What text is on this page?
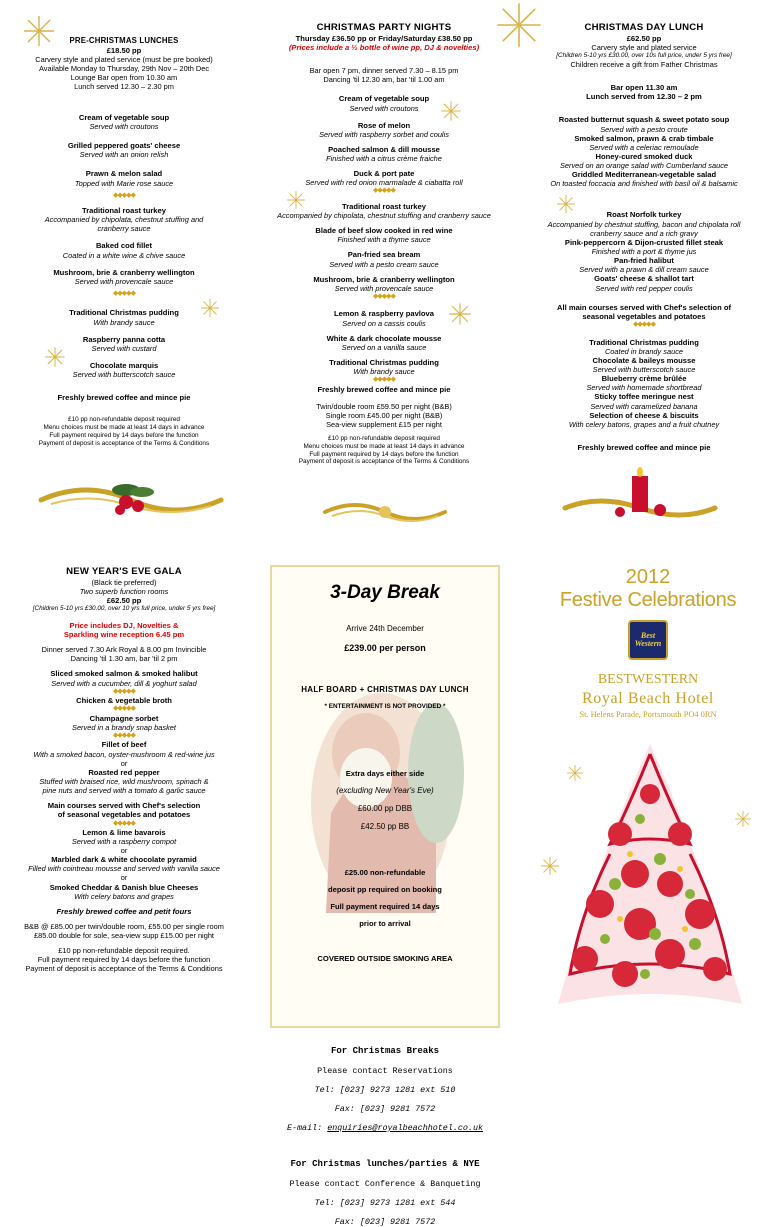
PRE-CHRISTMAS LUNCHES

£18.50 pp

Carvery style and plated service (must be pre booked)

Available Monday to Thursday, 29th Nov – 20th Dec

Lounge Bar open from 10.30 am

Lunch served 12.30 – 2.30 pm

Cream of vegetable soup

Served with croutons

Grilled peppered goats' cheese

Served with an onion relish

Prawn & melon salad

Topped with Marie rose sauce

◆◆◆◆◆

Traditional roast turkey

Accompanied by chipolata, chestnut stuffing and cranberry sauce

Baked cod fillet

Coated in a white wine & chive sauce

Mushroom, brie & cranberry wellington

Served with provencale sauce

◆◆◆◆◆

Traditional Christmas pudding

With brandy sauce

Raspberry panna cotta

Served with custard

Chocolate marquis

Served with butterscotch sauce

Freshly brewed coffee and mince pie

£10 pp non-refundable deposit required

Menu choices must be made at least 14 days in advance

Full payment required by 14 days before the function

Payment of deposit is acceptance of the Terms & Conditions

CHRISTMAS PARTY NIGHTS

Thursday £36.50 pp or Friday/Saturday £38.50 pp

(Prices include a ½ bottle of wine pp, DJ & novelties)

Bar open 7 pm, dinner served 7.30 – 8.15 pm

Dancing 'til 12.30 am, bar 'til 1.00 am

Cream of vegetable soup

Served with croutons

Rose of melon

Served with raspberry sorbet and coulis

Poached salmon & dill mousse

Finished with a citrus crème fraiche

Duck & port pate

Served with red onion marmalade & ciabatta roll

◆◆◆◆◆

Traditional roast turkey

Accompanied by chipolata, chestnut stuffing and cranberry sauce

Blade of beef slow cooked in red wine

Finished with a thyme sauce

Pan-fried sea bream

Served with a pesto cream sauce

Mushroom, brie & cranberry wellington

Served with provencale sauce

◆◆◆◆◆

Lemon & raspberry pavlova

Served on a cassis coulis

White & dark chocolate mousse

Served on a vanilla sauce

Traditional Christmas pudding

With brandy sauce

◆◆◆◆◆

Freshly brewed coffee and mince pie

Twin/double room £59.50 per night (B&B)

Single room £45.00 per night (B&B)

Sea-view supplement £15 per night

£10 pp non-refundable deposit required

Menu choices must be made at least 14 days in advance

Full payment required by 14 days before the function

Payment of deposit is acceptance of the Terms & Conditions

CHRISTMAS DAY LUNCH

£62.50 pp

Carvery style and plated service

[Children 5-10 yrs £30.00, over 10s full price, under 5 yrs free]

Children receive a gift from Father Christmas

Bar open 11.30 am

Lunch served from 12.30 – 2 pm

Roasted butternut squash & sweet potato soup

Served with a pesto croute

Smoked salmon, prawn & crab timbale

Served with a celeriac remoulade

Honey-cured smoked duck

Served on an orange salad with Cumberland sauce

Griddled Mediterranean-vegetable salad

On toasted foccacia and finished with basil oil & balsamic

Roast Norfolk turkey

Accompanied by chestnut stuffing, bacon and chipolata roll cranberry sauce and a rich gravy

Pink-peppercorn & Dijon-crusted fillet steak

Finished with a port & thyme jus

Pan-fried halibut

Served with a prawn & dill cream sauce

Goats' cheese & shallot tart

Served with red pepper coulis

All main courses served with Chef's selection of seasonal vegetables and potatoes

◆◆◆◆◆

Traditional Christmas pudding

Coated in brandy sauce

Chocolate & baileys mousse

Served with butterscotch sauce

Blueberry crème brûlée

Served with homemade shortbread

Sticky toffee meringue nest

Served with caramelized banana

Selection of cheese & biscuits

With celery batons, grapes and a fruit chutney

Freshly brewed coffee and mince pie

NEW YEAR'S EVE GALA

(Black tie preferred)

Two superb function rooms

£62.50 pp

[Children 5-10 yrs £30.00, over 10 yrs full price, under 5 yrs free]

Price includes DJ, Novelties &

Sparkling wine reception 6.45 pm

Dinner served 7.30 Ark Royal & 8.00 pm Invincible

Dancing 'til 1.30 am, bar 'til 2 pm

Sliced smoked salmon & smoked halibut

Served with a cucumber, dill & yoghurt salad

◆◆◆◆◆

Chicken & vegetable broth

◆◆◆◆◆

Champagne sorbet

Served in a brandy snap basket

◆◆◆◆◆

Fillet of beef

With a smoked bacon, oyster-mushroom & red-wine jus

or

Roasted red pepper

Stuffed with braised rice, wild mushroom, spinach &

pine nuts and served with a tomato & garlic sauce

Main courses served with Chef's selection

of seasonal vegetables and potatoes

◆◆◆◆◆

Lemon & lime bavarois

Served with a raspberry compot

or

Marbled dark & white chocolate pyramid

Filled with cointreau mousse and served with vanilla sauce

or

Smoked Cheddar & Danish blue Cheeses

With celery batons and grapes

Freshly brewed coffee and petit fours

B&B @ £85.00 per twin/double room, £55.00 per single room

£85.00 double for sole, sea-view supp £15.00 per night

£10 pp non-refundable deposit required.

Full payment required by 14 days before the function

Payment of deposit is acceptance of the Terms & Conditions

3-Day Break

Arrive 24th December

£239.00 per person

HALF BOARD + CHRISTMAS DAY LUNCH

* ENTERTAINMENT IS NOT PROVIDED *

Extra days either side

(excluding New Year's Eve)

£60.00 pp DBB

£42.50 pp BB

£25.00 non-refundable

deposit pp required on booking

Full payment required 14 days

prior to arrival

COVERED OUTSIDE SMOKING AREA

For Christmas Breaks

Please contact Reservations

Tel: [023] 9273 1281 ext 510

Fax: [023] 9281 7572

E-mail: enquiries@royalbeachhotel.co.uk

For Christmas lunches/parties & NYE

Please contact Conference & Banqueting

Tel: [023] 9273 1281 ext 544

Fax: [023] 9281 7572

2012

Festive Celebrations

Best
Western

BESTWESTERN

Royal Beach Hotel

St. Helens Parade, Portsmouth PO4 0RN
